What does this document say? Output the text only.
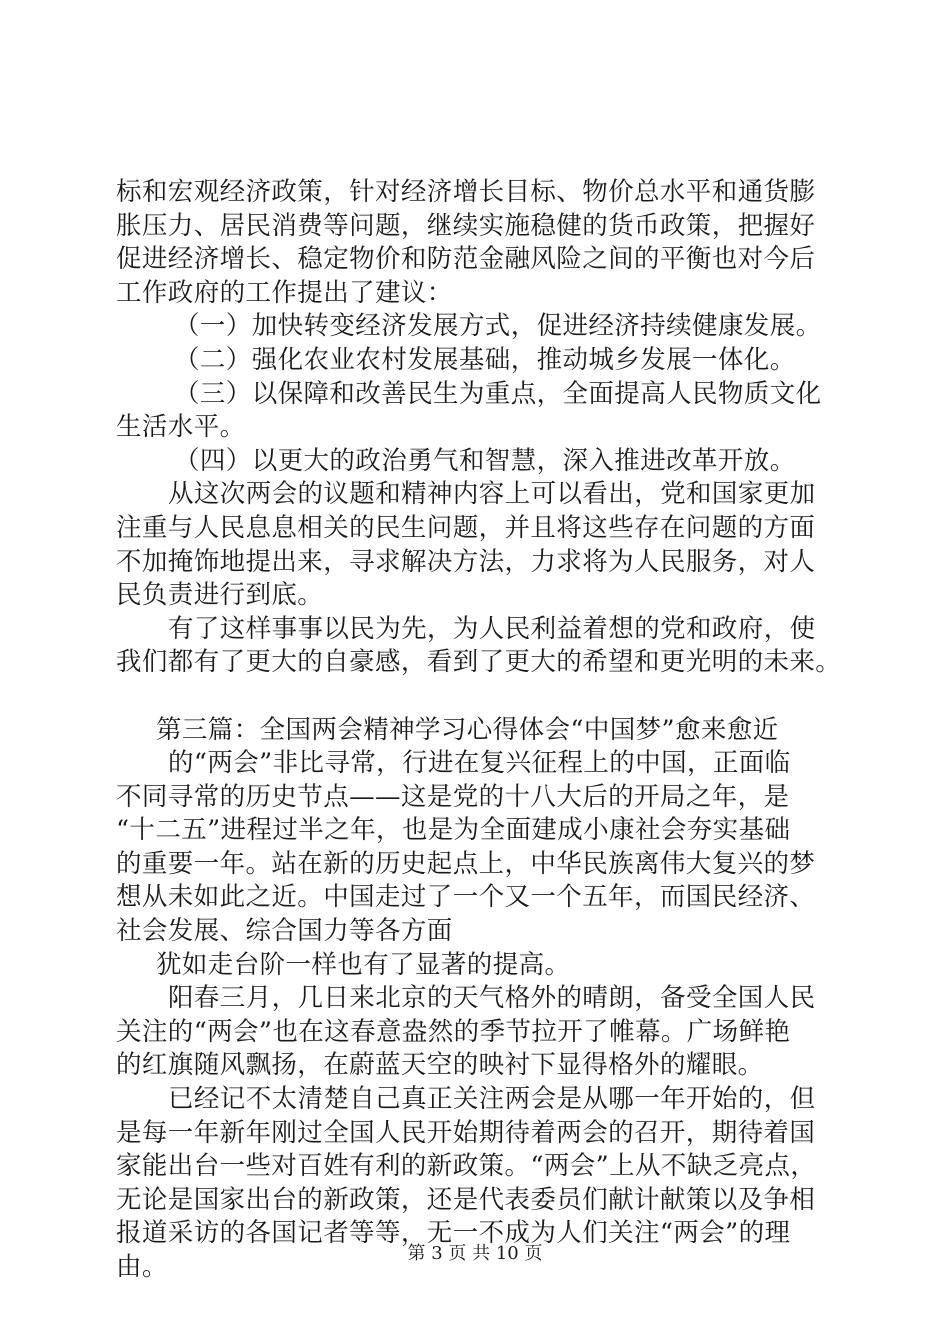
标和宏观经济政策，针对经济增长目标、物价总水平和通货膨
胀压力、居民消费等问题，继续实施稳健的货币政策，把握好
促进经济增长、稳定物价和防范金融风险之间的平衡也对今后
工作政府的工作提出了建议：
（一）加快转变经济发展方式，促进经济持续健康发展。
（二）强化农业农村发展基础，推动城乡发展一体化。
（三）以保障和改善民生为重点，全面提高人民物质文化
生活水平。
（四）以更大的政治勇气和智慧，深入推进改革开放。
从这次两会的议题和精神内容上可以看出，党和国家更加
注重与人民息息相关的民生问题，并且将这些存在问题的方面
不加掩饰地提出来，寻求解决方法，力求将为人民服务，对人
民负责进行到底。
有了这样事事以民为先，为人民利益着想的党和政府，使
我们都有了更大的自豪感，看到了更大的希望和更光明的未来。
第三篇：全国两会精神学习心得体会“中国梦”愈来愈近
的“两会”非比寻常，行进在复兴征程上的中国，正面临
不同寻常的历史节点——这是党的十八大后的开局之年，是
“十二五”进程过半之年，也是为全面建成小康社会夯实基础
的重要一年。站在新的历史起点上，中华民族离伟大复兴的梦
想从未如此之近。中国走过了一个又一个五年，而国民经济、
社会发展、综合国力等各方面
犹如走台阶一样也有了显著的提高。
阳春三月，几日来北京的天气格外的晴朗，备受全国人民
关注的“两会”也在这春意盎然的季节拉开了帷幕。广场鲜艳
的红旗随风飘扬，在蔚蓝天空的映衬下显得格外的耀眼。
已经记不太清楚自己真正关注两会是从哪一年开始的，但
是每一年新年刚过全国人民开始期待着两会的召开，期待着国
家能出台一些对百姓有利的新政策。“两会”上从不缺乏亮点，
无论是国家出台的新政策，还是代表委员们献计献策以及争相
报道采访的各国记者等等，无一不成为人们关注“两会”的理
由。	第 3 页 共 10 页
